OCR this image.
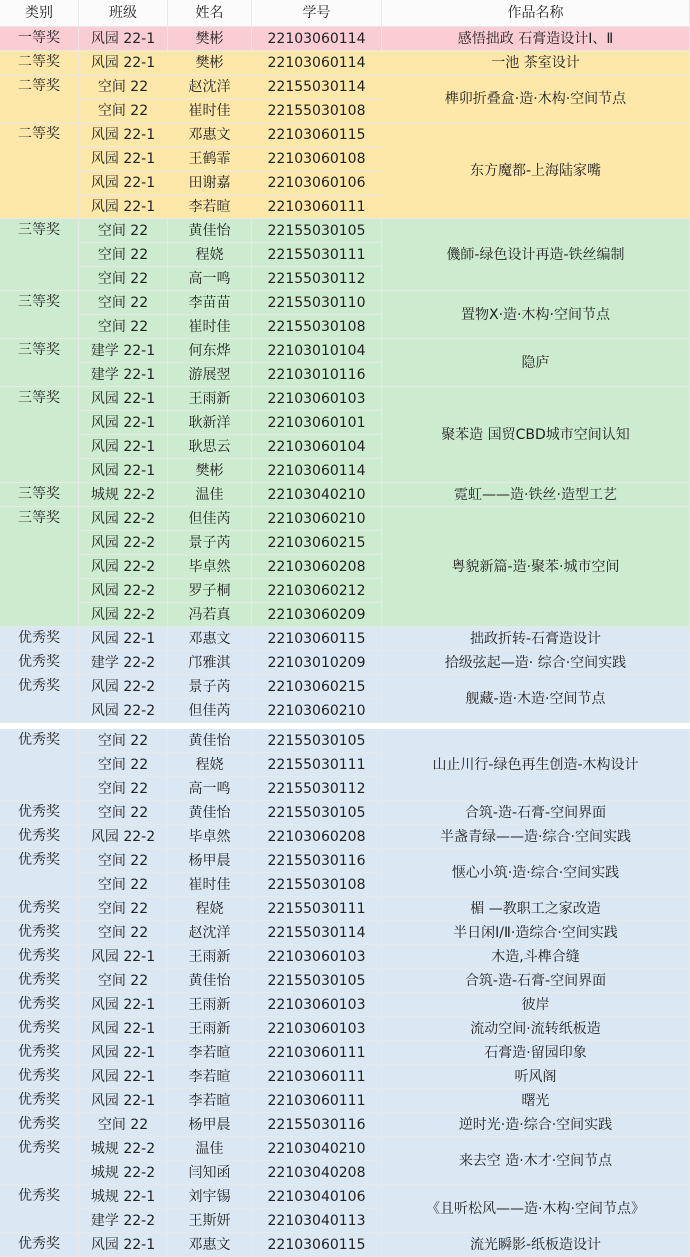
类别	班级	姓名	学号	作品名称
一等奖	风园 22-1	樊彬	22103060114	感悟拙政 石膏造设计Ⅰ、Ⅱ
二等奖	风园 22-1	樊彬	22103060114	一池 茶室设计
二等奖	空间 22	赵沈洋	22155030114
空间 22	崔时佳	22155030108
榫卯折叠盒·造·木构·空间节点
二等奖	风园 22-1	邓惠文	22103060115
风园 22-1	王鹤霏	22103060108
风园 22-1	田谢嘉	22103060106
风园 22-1	李若暄	22103060111
东方魔都-上海陆家嘴
三等奖	空间 22	黄佳怡	22155030105
空间 22	程娆	22155030111
空间 22	高一鸣	22155030112
僟師-绿色设计再造-铁丝编制
三等奖	空间 22	李苗苗	22155030110
空间 22	崔时佳	22155030108
置物X·造·木构·空间节点
三等奖	建学 22-1	何东烨	22103010104
建学 22-1	游展翌	22103010116
隐庐
三等奖	风园 22-1	王雨新	22103060103
风园 22-1	耿新洋	22103060101
风园 22-1	耿思云	22103060104
风园 22-1	樊彬	22103060114
聚苯造 国贸CBD城市空间认知
三等奖	城规 22-2	温佳	22103040210	霓虹——造·铁丝·造型工艺
三等奖	风园 22-2	但佳芮	22103060210
风园 22-2	景子芮	22103060215
风园 22-2	毕卓然	22103060208
风园 22-2	罗子桐	22103060212
风园 22-2	冯若真	22103060209
粤貌新篇-造·聚苯·城市空间
优秀奖	风园 22-1	邓惠文	22103060115	拙政折转-石膏造设计
优秀奖	建学 22-2	邝雅淇	22103010209	拾级弦起—造· 综合·空间实践
优秀奖	风园 22-2	景子芮	22103060215
风园 22-2	但佳芮	22103060210
舰藏-造·木造·空间节点
优秀奖	空间 22	黄佳怡	22155030105
空间 22	程娆	22155030111
空间 22	高一鸣	22155030112
山止川行-绿色再生创造-木构设计
优秀奖	空间 22	黄佳怡	22155030105	合筑-造-石膏-空间界面
优秀奖	风园 22-2	毕卓然	22103060208	半盏青绿——造·综合·空间实践
优秀奖	空间 22	杨甲晨	22155030116
空间 22	崔时佳	22155030108
惬心小筑·造·综合·空间实践
优秀奖	空间 22	程娆	22155030111	楣 —教职工之家改造
优秀奖	空间 22	赵沈洋	22155030114	半日闲Ⅰ/Ⅱ·造综合·空间实践
优秀奖	风园 22-1	王雨新	22103060103	木造,斗榫合缝
优秀奖	空间 22	黄佳怡	22155030105	合筑-造-石膏-空间界面
优秀奖	风园 22-1	王雨新	22103060103	彼岸
优秀奖	风园 22-1	王雨新	22103060103	流动空间·流转纸板造
优秀奖	风园 22-1	李若暄	22103060111	石膏造·留园印象
优秀奖	风园 22-1	李若暄	22103060111	听风阁
优秀奖	风园 22-1	李若暄	22103060111	曙光
优秀奖	空间 22	杨甲晨	22155030116	逆时光·造·综合·空间实践
优秀奖	城规 22-2	温佳	22103040210
城规 22-2	闫知函	22103040208
来去空 造·木才·空间节点
优秀奖	城规 22-1	刘宇锡	22103040106
建学 22-2	王斯妍	22103040113
《且听松风——造·木构·空间节点》
优秀奖	风园 22-1	邓惠文	22103060115	流光瞬影-纸板造设计
